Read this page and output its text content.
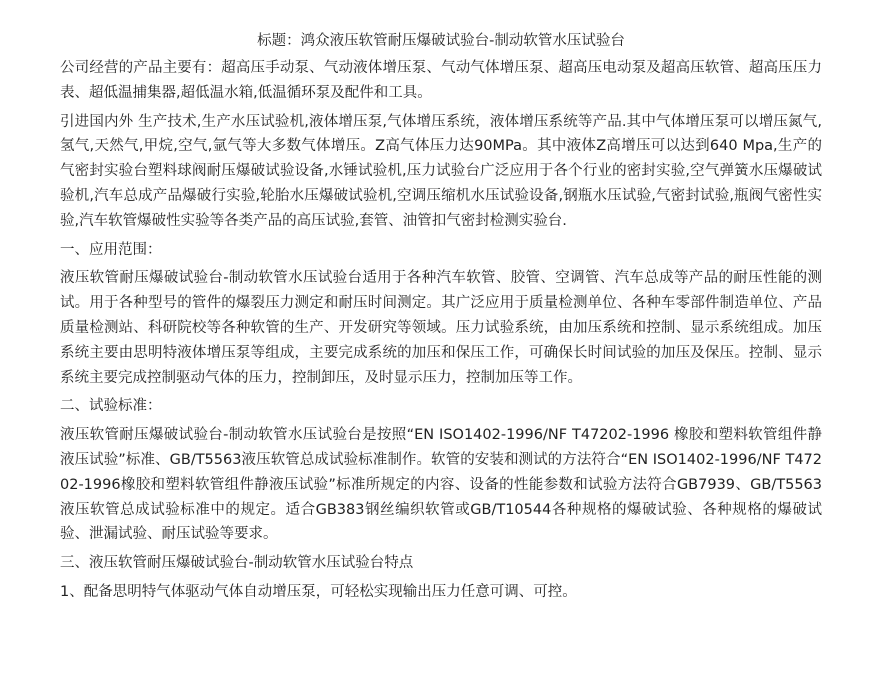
标题：鸿众液压软管耐压爆破试验台-制动软管水压试验台
公司经营的产品主要有：超高压手动泵、气动液体增压泵、气动气体增压泵、超高压电动泵及超高压软管、超高压压力表、超低温捕集器,超低温水箱,低温循环泵及配件和工具。
引进国内外 生产技术,生产水压试验机,液体增压泵,气体增压系统，液体增压系统等产品.其中气体增压泵可以增压氮气,氢气,天然气,甲烷,空气,氩气等大多数气体增压。Z高气体压力达90MPa。其中液体Z高增压可以达到640 Mpa,生产的气密封实验台塑料球阀耐压爆破试验设备,水锤试验机,压力试验台广泛应用于各个行业的密封实验,空气弹簧水压爆破试验机,汽车总成产品爆破行实验,轮胎水压爆破试验机,空调压缩机水压试验设备,钢瓶水压试验,气密封试验,瓶阀气密性实验,汽车软管爆破性实验等各类产品的高压试验,套管、油管扣气密封检测实验台.
一、应用范围：
液压软管耐压爆破试验台-制动软管水压试验台适用于各种汽车软管、胶管、空调管、汽车总成等产品的耐压性能的测试。用于各种型号的管件的爆裂压力测定和耐压时间测定。其广泛应用于质量检测单位、各种车零部件制造单位、产品质量检测站、科研院校等各种软管的生产、开发研究等领域。压力试验系统，由加压系统和控制、显示系统组成。加压系统主要由思明特液体增压泵等组成，主要完成系统的加压和保压工作，可确保长时间试验的加压及保压。控制、显示系统主要完成控制驱动气体的压力，控制卸压，及时显示压力，控制加压等工作。
二、试验标准：
液压软管耐压爆破试验台-制动软管水压试验台是按照“EN ISO1402-1996/NF T47202-1996 橡胶和塑料软管组件静液压试验”标准、GB/T5563液压软管总成试验标准制作。软管的安装和测试的方法符合“EN ISO1402-1996/NF T47202-1996橡胶和塑料软管组件静液压试验”标准所规定的内容、设备的性能参数和试验方法符合GB7939、GB/T5563液压软管总成试验标准中的规定。适合GB383钢丝编织软管或GB/T10544各种规格的爆破试验、各种规格的爆破试验、泄漏试验、耐压试验等要求。
三、液压软管耐压爆破试验台-制动软管水压试验台特点
1、配备思明特气体驱动气体自动增压泵，可轻松实现输出压力任意可调、可控。
